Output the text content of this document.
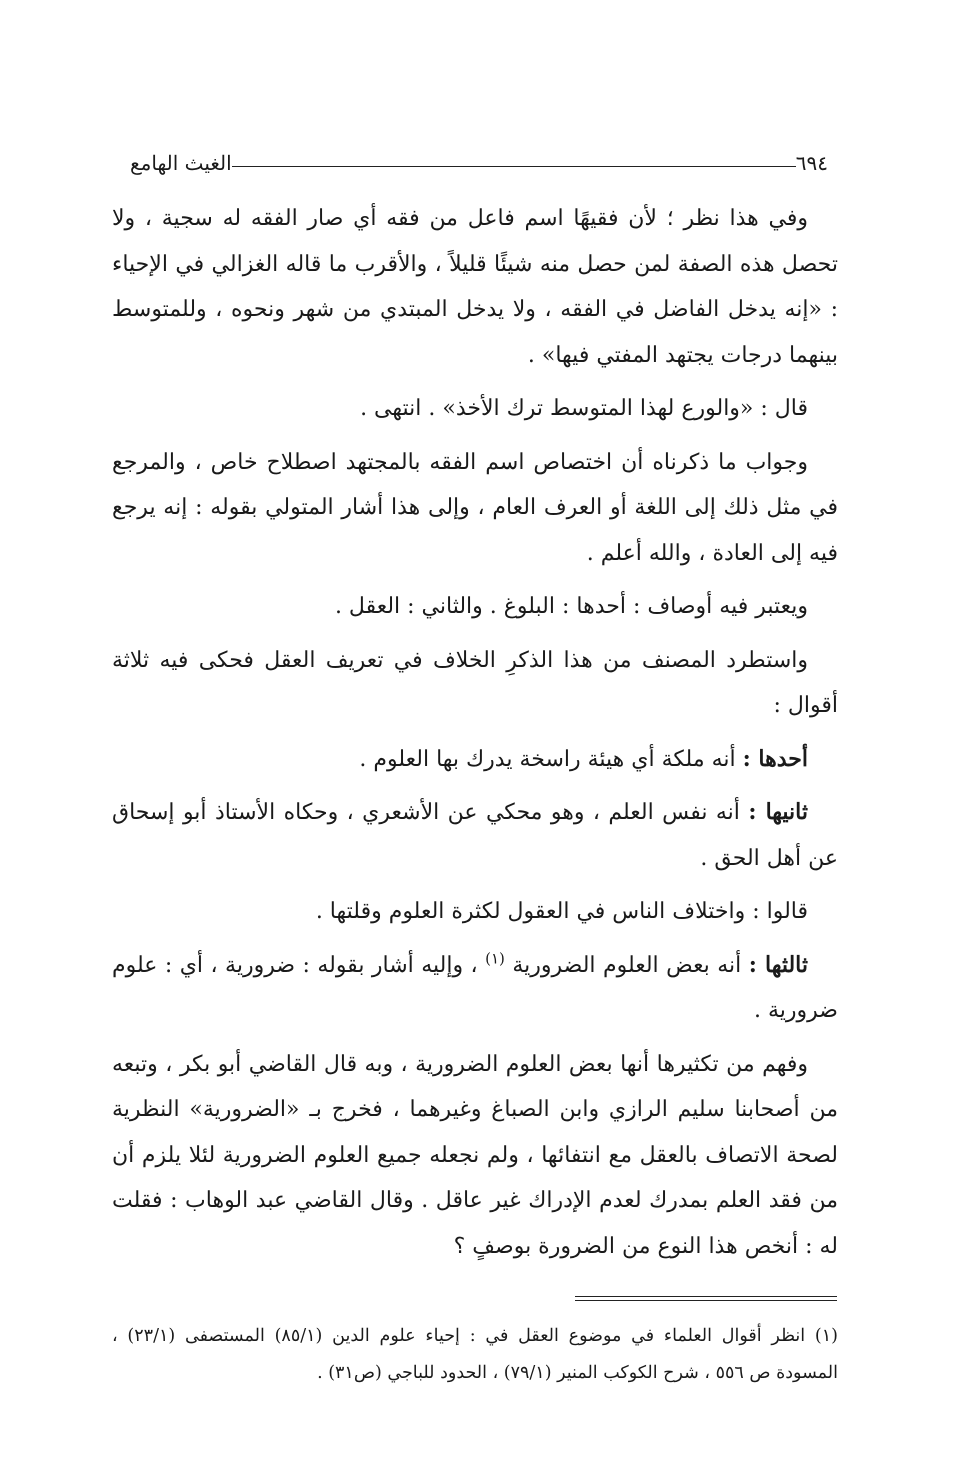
٦٩٤
الغيث الهامع

وفي هذا نظر ؛ لأن فقيهًا اسم فاعل من فقه أي صار الفقه له سجية ، ولا تحصل هذه الصفة لمن حصل منه شيئًا قليلاً ، والأقرب ما قاله الغزالي في الإحياء : «إنه يدخل الفاضل في الفقه ، ولا يدخل المبتدي من شهر ونحوه ، وللمتوسط بينهما درجات يجتهد المفتي فيها» .

قال : «والورع لهذا المتوسط ترك الأخذ» . انتهى .

وجواب ما ذكرناه أن اختصاص اسم الفقه بالمجتهد اصطلاح خاص ، والمرجع في مثل ذلك إلى اللغة أو العرف العام ، وإلى هذا أشار المتولي بقوله : إنه يرجع فيه إلى العادة ، والله أعلم .

ويعتبر فيه أوصاف : أحدها : البلوغ . والثاني : العقل .

واستطرد المصنف من هذا الذكرِ الخلاف في تعريف العقل فحكى فيه ثلاثة أقوال :

أحدها : أنه ملكة أي هيئة راسخة يدرك بها العلوم .

ثانيها : أنه نفس العلم ، وهو محكي عن الأشعري ، وحكاه الأستاذ أبو إسحاق عن أهل الحق .

قالوا : واختلاف الناس في العقول لكثرة العلوم وقلتها .

ثالثها : أنه بعض العلوم الضرورية $^{(١)}$ ، وإليه أشار بقوله : ضرورية ، أي : علوم ضرورية .

وفهم من تكثيرها أنها بعض العلوم الضرورية ، وبه قال القاضي أبو بكر ، وتبعه من أصحابنا سليم الرازي وابن الصباغ وغيرهما ، فخرج بـ «الضرورية» النظرية لصحة الاتصاف بالعقل مع انتفائها ، ولم نجعله جميع العلوم الضرورية لئلا يلزم أن من فقد العلم بمدرك لعدم الإدراك غير عاقل . وقال القاضي عبد الوهاب : فقلت له : أنخص هذا النوع من الضرورة بوصفٍ ؟

(١) انظر أقوال العلماء في موضوع العقل في : إحياء علوم الدين (٨٥/١) المستصفى (٢٣/١) ، المسودة ص ٥٥٦ ، شرح الكوكب المنير (٧٩/١) ، الحدود للباجي (ص٣١) .
